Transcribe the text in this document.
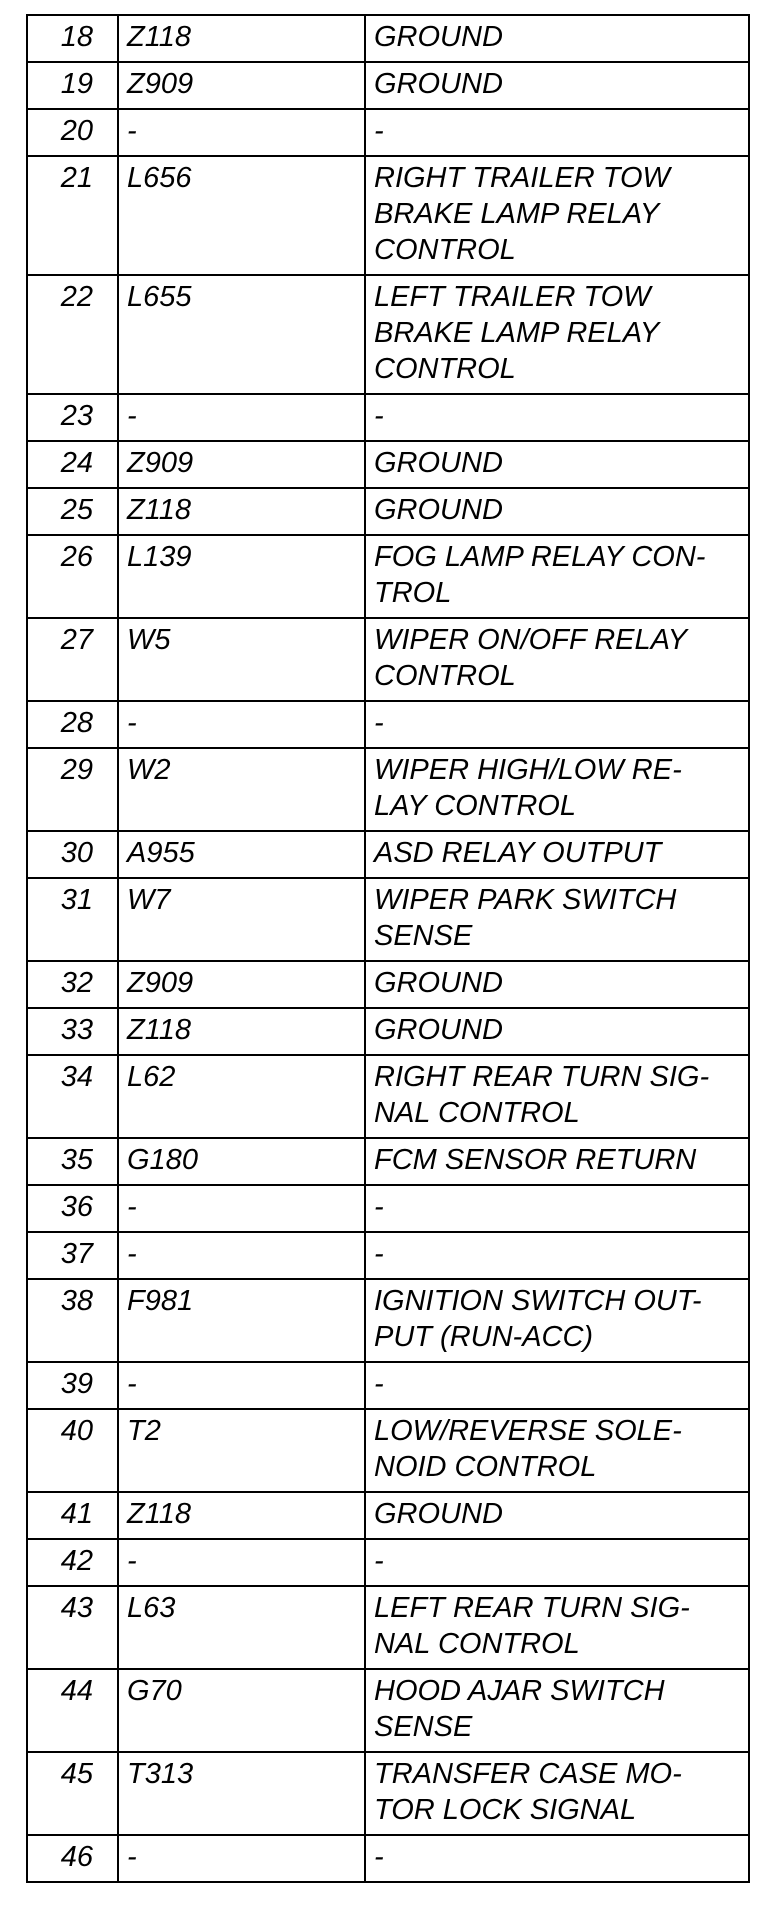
18	Z118	GROUND
19	Z909	GROUND
20	-	-
21	L656	RIGHT TRAILER TOW
BRAKE LAMP RELAY
CONTROL
22	L655	LEFT TRAILER TOW
BRAKE LAMP RELAY
CONTROL
23	-	-
24	Z909	GROUND
25	Z118	GROUND
26	L139	FOG LAMP RELAY CON-
TROL
27	W5	WIPER ON/OFF RELAY
CONTROL
28	-	-
29	W2	WIPER HIGH/LOW RE-
LAY CONTROL
30	A955	ASD RELAY OUTPUT
31	W7	WIPER PARK SWITCH
SENSE
32	Z909	GROUND
33	Z118	GROUND
34	L62	RIGHT REAR TURN SIG-
NAL CONTROL
35	G180	FCM SENSOR RETURN
36	-	-
37	-	-
38	F981	IGNITION SWITCH OUT-
PUT (RUN-ACC)
39	-	-
40	T2	LOW/REVERSE SOLE-
NOID CONTROL
41	Z118	GROUND
42	-	-
43	L63	LEFT REAR TURN SIG-
NAL CONTROL
44	G70	HOOD AJAR SWITCH
SENSE
45	T313	TRANSFER CASE MO-
TOR LOCK SIGNAL
46	-	-
